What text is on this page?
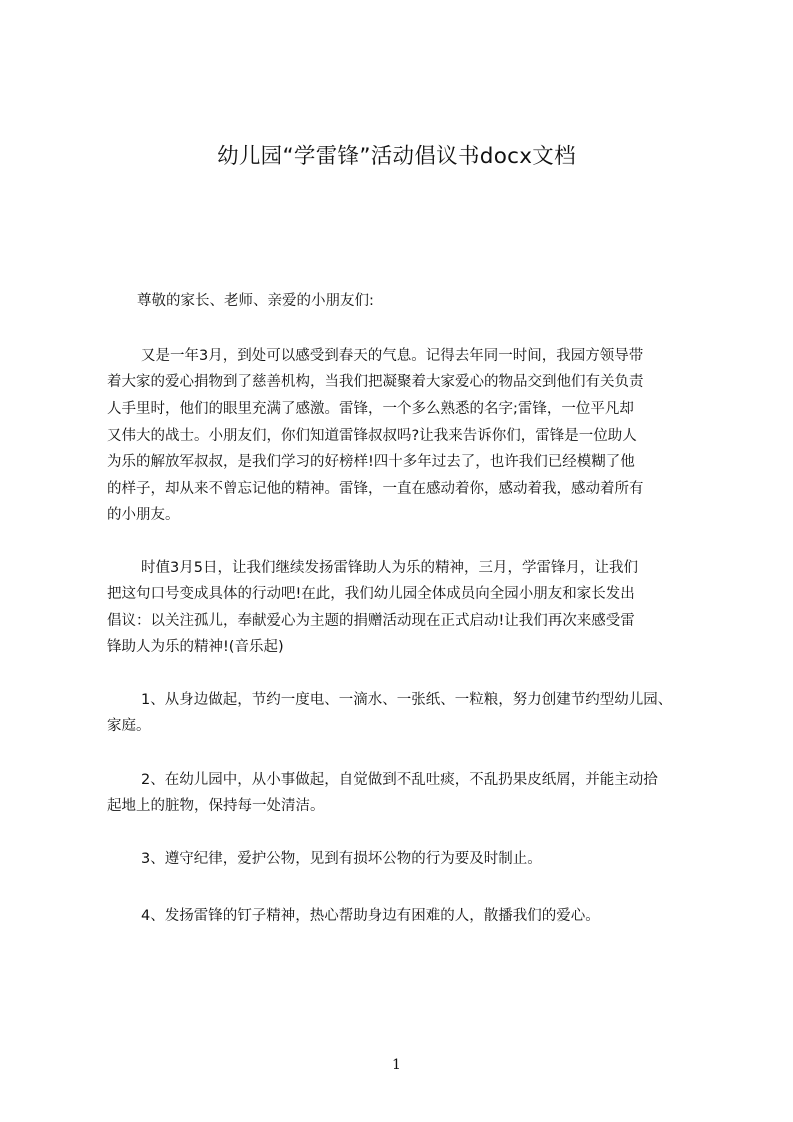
幼儿园“学雷锋”活动倡议书docx文档
尊敬的家长、老师、亲爱的小朋友们:
又是一年3月，到处可以感受到春天的气息。记得去年同一时间，我园方领导带
着大家的爱心捐物到了慈善机构，当我们把凝聚着大家爱心的物品交到他们有关负责
人手里时，他们的眼里充满了感激。雷锋，一个多么熟悉的名字;雷锋，一位平凡却
又伟大的战士。小朋友们，你们知道雷锋叔叔吗?让我来告诉你们，雷锋是一位助人
为乐的解放军叔叔，是我们学习的好榜样!四十多年过去了，也许我们已经模糊了他
的样子，却从来不曾忘记他的精神。雷锋，一直在感动着你，感动着我，感动着所有
的小朋友。
时值3月5日，让我们继续发扬雷锋助人为乐的精神，三月，学雷锋月，让我们
把这句口号变成具体的行动吧!在此，我们幼儿园全体成员向全园小朋友和家长发出
倡议：以关注孤儿，奉献爱心为主题的捐赠活动现在正式启动!让我们再次来感受雷
锋助人为乐的精神!(音乐起)
1、从身边做起，节约一度电、一滴水、一张纸、一粒粮，努力创建节约型幼儿园、
家庭。
2、在幼儿园中，从小事做起，自觉做到不乱吐痰，不乱扔果皮纸屑，并能主动拾
起地上的脏物，保持每一处清洁。
3、遵守纪律，爱护公物，见到有损坏公物的行为要及时制止。
4、发扬雷锋的钉子精神，热心帮助身边有困难的人，散播我们的爱心。
1
